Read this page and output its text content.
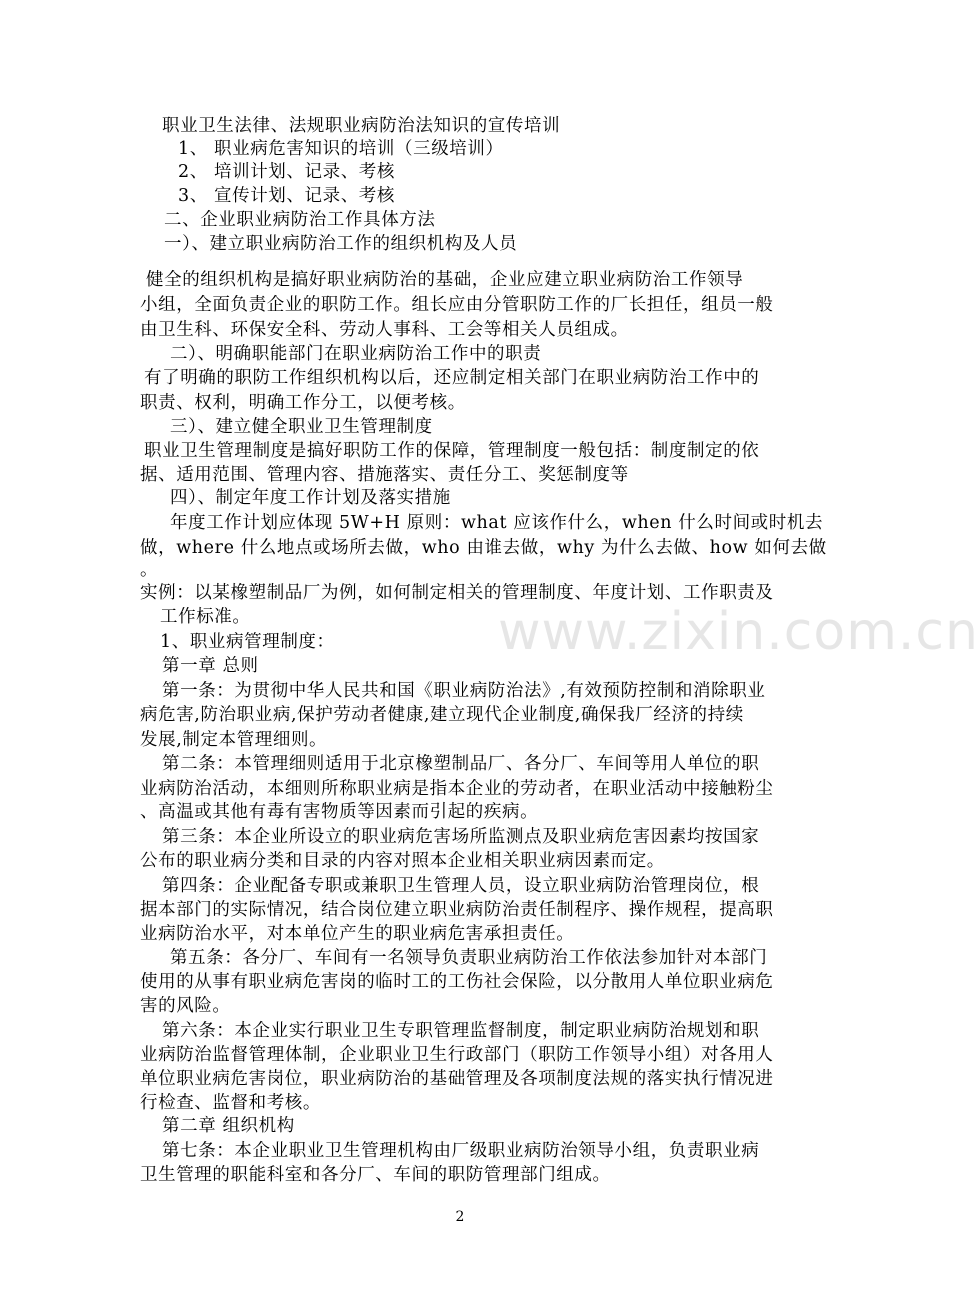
www.zixin.com.cn
职业卫生法律、法规职业病防治法知识的宣传培训
1、 职业病危害知识的培训（三级培训）
2、 培训计划、记录、考核
3、 宣传计划、记录、考核
二、企业职业病防治工作具体方法
一）、建立职业病防治工作的组织机构及人员
健全的组织机构是搞好职业病防治的基础，企业应建立职业病防治工作领导
小组，全面负责企业的职防工作。组长应由分管职防工作的厂长担任，组员一般
由卫生科、环保安全科、劳动人事科、工会等相关人员组成。
二）、明确职能部门在职业病防治工作中的职责
有了明确的职防工作组织机构以后，还应制定相关部门在职业病防治工作中的
职责、权利，明确工作分工，以便考核。
三）、建立健全职业卫生管理制度
职业卫生管理制度是搞好职防工作的保障，管理制度一般包括：制度制定的依
据、适用范围、管理内容、措施落实、责任分工、奖惩制度等
四）、制定年度工作计划及落实措施
年度工作计划应体现 5W+H 原则：what 应该作什么，when 什么时间或时机去
做，where 什么地点或场所去做，who 由谁去做，why 为什么去做、how 如何去做
。
实例：以某橡塑制品厂为例，如何制定相关的管理制度、年度计划、工作职责及
工作标准。
1、职业病管理制度：
第一章 总则
第一条：为贯彻中华人民共和国《职业病防治法》,有效预防控制和消除职业
病危害,防治职业病,保护劳动者健康,建立现代企业制度,确保我厂经济的持续
发展,制定本管理细则。
第二条：本管理细则适用于北京橡塑制品厂、各分厂、车间等用人单位的职
业病防治活动，本细则所称职业病是指本企业的劳动者，在职业活动中接触粉尘
、高温或其他有毒有害物质等因素而引起的疾病。
第三条：本企业所设立的职业病危害场所监测点及职业病危害因素均按国家
公布的职业病分类和目录的内容对照本企业相关职业病因素而定。
第四条：企业配备专职或兼职卫生管理人员，设立职业病防治管理岗位，根
据本部门的实际情况，结合岗位建立职业病防治责任制程序、操作规程，提高职
业病防治水平，对本单位产生的职业病危害承担责任。
第五条：各分厂、车间有一名领导负责职业病防治工作依法参加针对本部门
使用的从事有职业病危害岗的临时工的工伤社会保险，以分散用人单位职业病危
害的风险。
第六条：本企业实行职业卫生专职管理监督制度，制定职业病防治规划和职
业病防治监督管理体制，企业职业卫生行政部门（职防工作领导小组）对各用人
单位职业病危害岗位，职业病防治的基础管理及各项制度法规的落实执行情况进
行检查、监督和考核。
第二章 组织机构
第七条：本企业职业卫生管理机构由厂级职业病防治领导小组，负责职业病
卫生管理的职能科室和各分厂、车间的职防管理部门组成。
2
